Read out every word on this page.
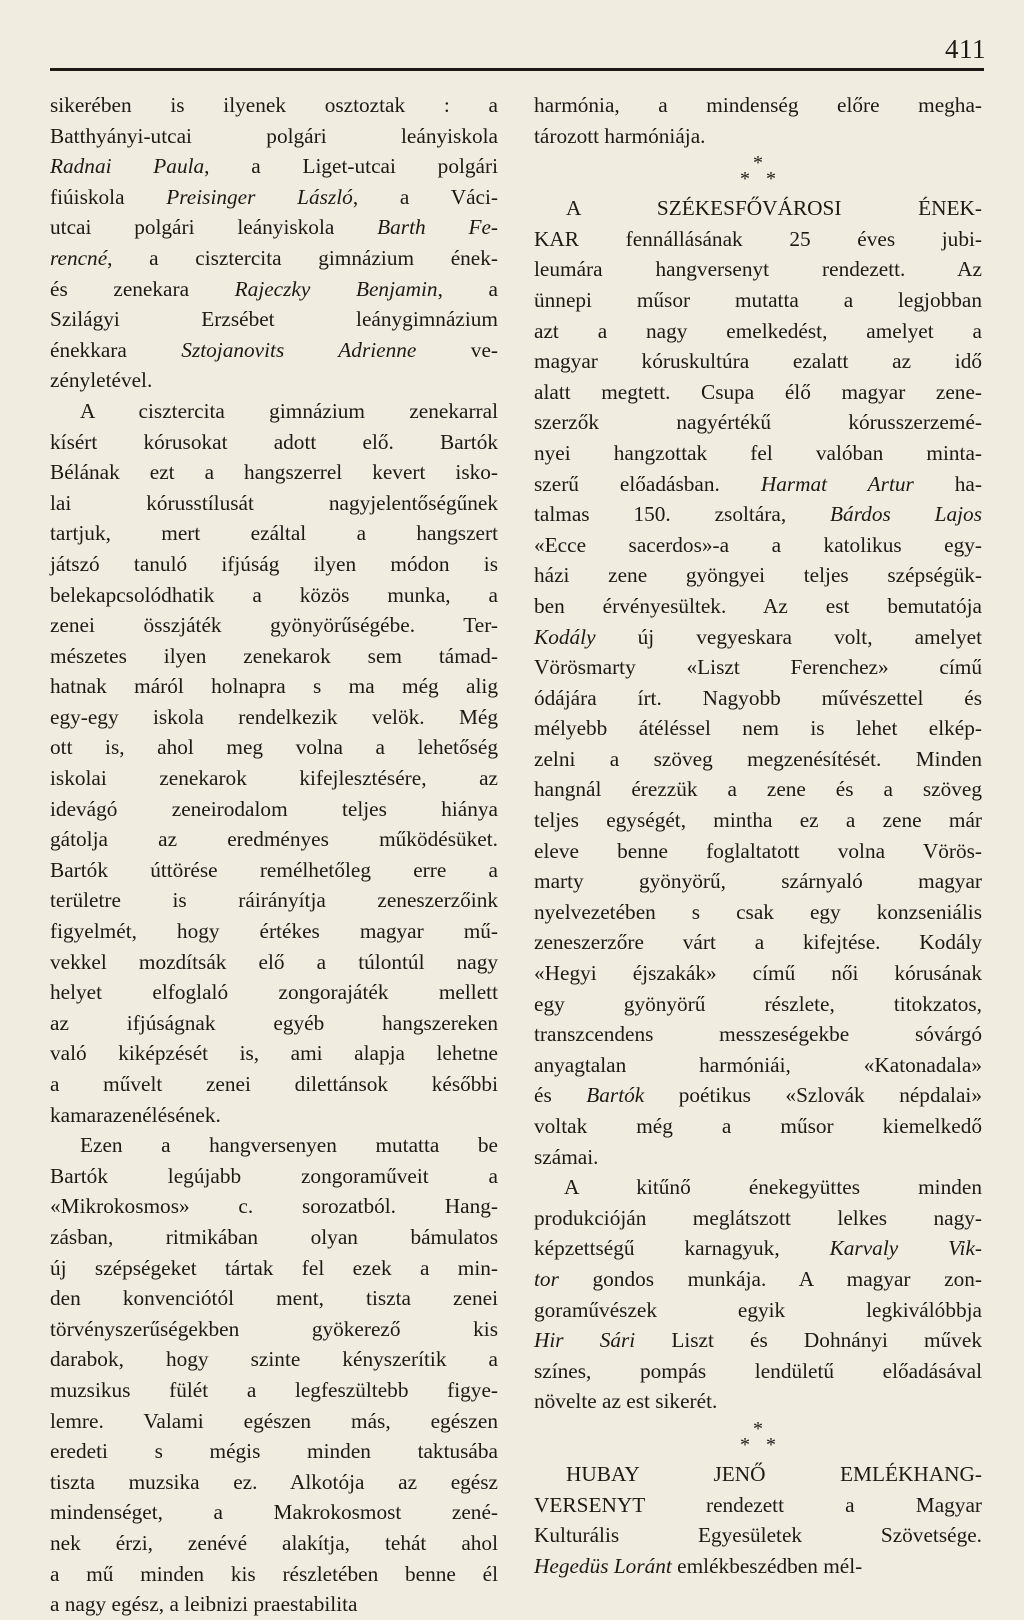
411

sikerében is ilyenek osztoztak : a
Batthyányi-utcai polgári leányiskola
Radnai Paula, a Liget-utcai polgári
fiúiskola Preisinger László, a Váci-
utcai polgári leányiskola Barth Fe-
rencné, a cisztercita gimnázium ének-
és zenekara Rajeczky Benjamin, a
Szilágyi Erzsébet leánygimnázium
énekkara Sztojanovits Adrienne ve-
zényletével.

A cisztercita gimnázium zenekarral
kísért kórusokat adott elő. Bartók
Bélának ezt a hangszerrel kevert isko-
lai kórusstílusát nagyjelentőségűnek
tartjuk, mert ezáltal a hangszert
játszó tanuló ifjúság ilyen módon is
belekapcsolódhatik a közös munka, a
zenei összjáték gyönyörűségébe. Ter-
mészetes ilyen zenekarok sem támad-
hatnak máról holnapra s ma még alig
egy-egy iskola rendelkezik velök. Még
ott is, ahol meg volna a lehetőség
iskolai zenekarok kifejlesztésére, az
idevágó zeneirodalom teljes hiánya
gátolja az eredményes működésüket.
Bartók úttörése remélhetőleg erre a
területre is ráirányítja zeneszerzőink
figyelmét, hogy értékes magyar mű-
vekkel mozdítsák elő a túlontúl nagy
helyet elfoglaló zongorajáték mellett
az ifjúságnak egyéb hangszereken
való kiképzését is, ami alapja lehetne
a művelt zenei dilettánsok későbbi
kamarazenélésének.

Ezen a hangversenyen mutatta be
Bartók legújabb zongoraműveit a
«Mikrokosmos» c. sorozatból. Hang-
zásban, ritmikában olyan bámulatos
új szépségeket tártak fel ezek a min-
den konvenciótól ment, tiszta zenei
törvényszerűségekben gyökerező kis
darabok, hogy szinte kényszerítik a
muzsikus fülét a legfeszültebb figye-
lemre. Valami egészen más, egészen
eredeti s mégis minden taktusába
tiszta muzsika ez. Alkotója az egész
mindenséget, a Makrokosmost zené-
nek érzi, zenévé alakítja, tehát ahol
a mű minden kis részletében benne él
a nagy egész, a leibnizi praestabilita

harmónia, a mindenség előre megha-
tározott harmóniája.

*
**

A SZÉKESFŐVÁROSI ÉNEK-
KAR fennállásának 25 éves jubi-
leumára hangversenyt rendezett. Az
ünnepi műsor mutatta a legjobban
azt a nagy emelkedést, amelyet a
magyar kóruskultúra ezalatt az idő
alatt megtett. Csupa élő magyar zene-
szerzők nagyértékű kórusszerzemé-
nyei hangzottak fel valóban minta-
szerű előadásban. Harmat Artur ha-
talmas 150. zsoltára, Bárdos Lajos
«Ecce sacerdos»-a a katolikus egy-
házi zene gyöngyei teljes szépségük-
ben érvényesültek. Az est bemutatója
Kodály új vegyeskara volt, amelyet
Vörösmarty «Liszt Ferenchez» című
ódájára írt. Nagyobb művészettel és
mélyebb átéléssel nem is lehet elkép-
zelni a szöveg megzenésítését. Minden
hangnál érezzük a zene és a szöveg
teljes egységét, mintha ez a zene már
eleve benne foglaltatott volna Vörös-
marty gyönyörű, szárnyaló magyar
nyelvezetében s csak egy konzseniális
zeneszerzőre várt a kifejtése. Kodály
«Hegyi éjszakák» című női kórusának
egy gyönyörű részlete, titokzatos,
transzcendens messzeségekbe sóvárgó
anyagtalan harmóniái, «Katonadala»
és Bartók poétikus «Szlovák népdalai»
voltak még a műsor kiemelkedő
számai.

A kitűnő énekegyüttes minden
produkcióján meglátszott lelkes nagy-
képzettségű karnagyuk, Karvaly Vik-
tor gondos munkája. A magyar zon-
goraművészek egyik legkiválóbbja
Hir Sári Liszt és Dohnányi művek
színes, pompás lendületű előadásával
növelte az est sikerét.

*
**

HUBAY JENŐ EMLÉKHANG-
VERSENYT rendezett a Magyar
Kulturális Egyesületek Szövetsége.
Hegedüs Loránt emlékbeszédben mél-
